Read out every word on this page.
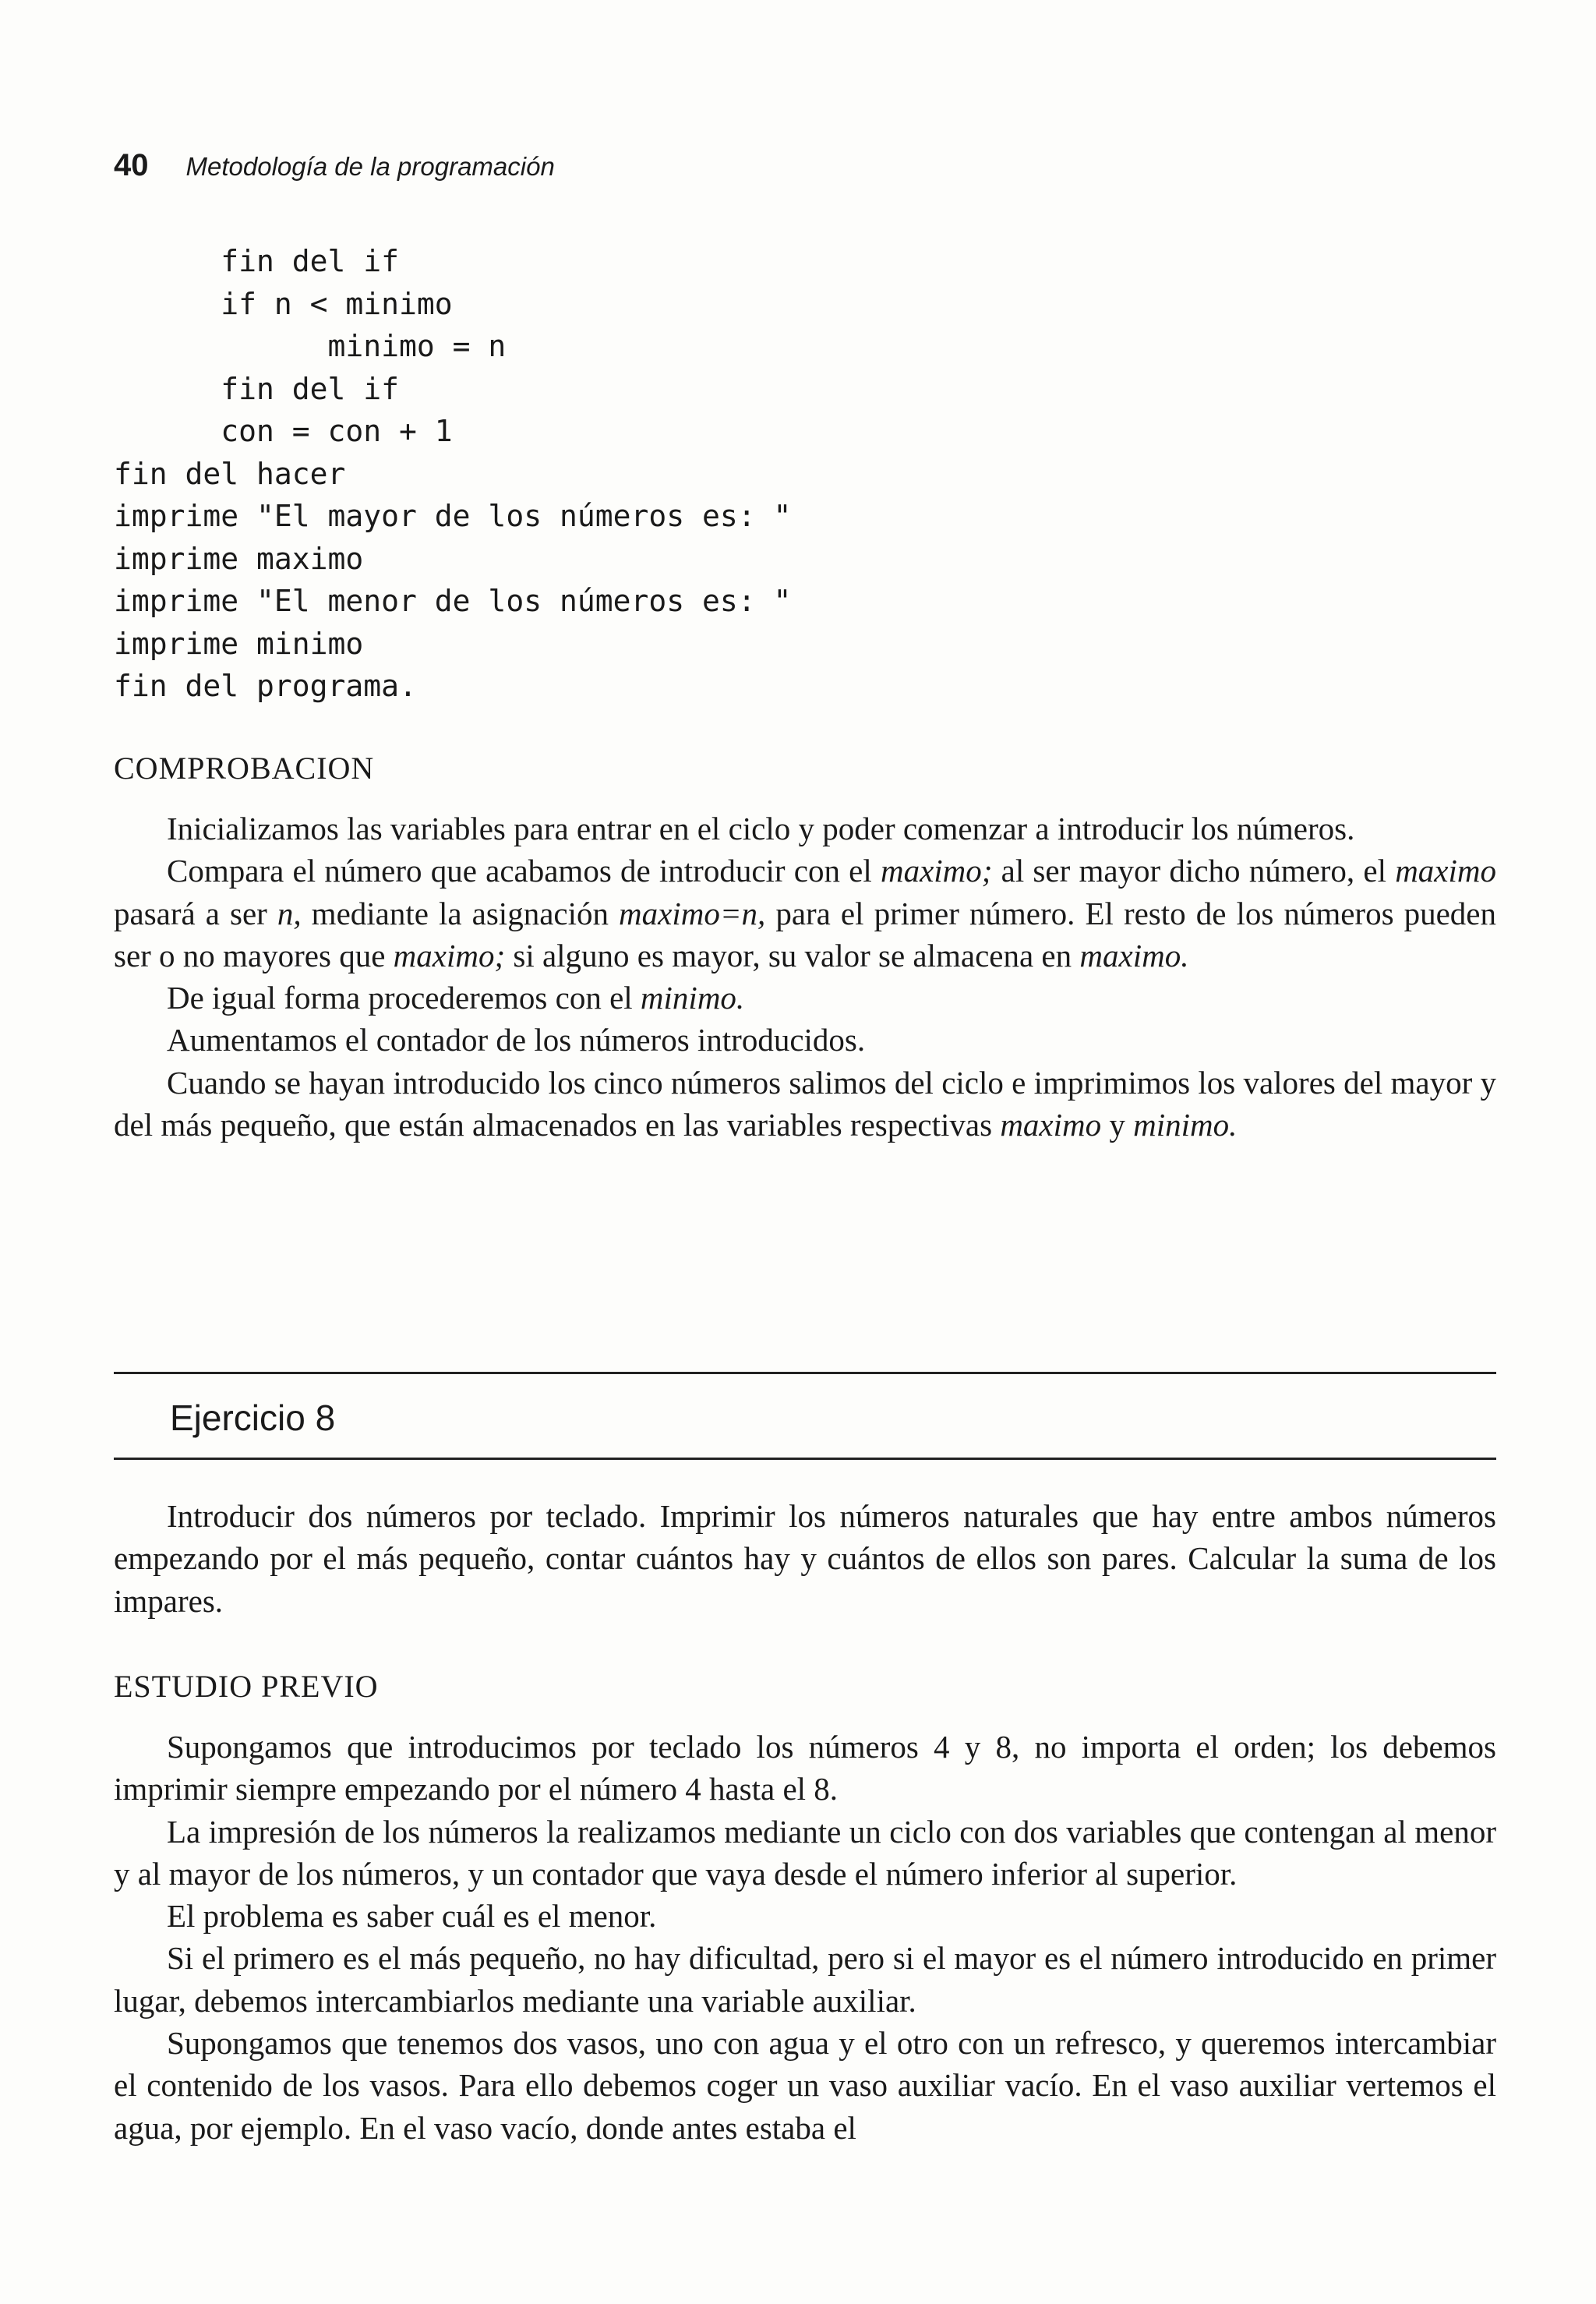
40 Metodología de la programación
fin del if
if n < minimo
minimo = n
fin del if
con = con + 1
fin del hacer
imprime "El mayor de los números es: "
imprime maximo
imprime "El menor de los números es: "
imprime minimo
fin del programa.
COMPROBACION

Inicializamos las variables para entrar en el ciclo y poder comenzar a introducir los números.

Compara el número que acabamos de introducir con el maximo; al ser mayor dicho número, el maximo pasará a ser n, mediante la asignación maximo=n, para el primer número. El resto de los números pueden ser o no mayores que maximo; si alguno es mayor, su valor se almacena en maximo.

De igual forma procederemos con el minimo.

Aumentamos el contador de los números introducidos.

Cuando se hayan introducido los cinco números salimos del ciclo e imprimimos los valores del mayor y del más pequeño, que están almacenados en las variables respectivas maximo y minimo.

Ejercicio 8

Introducir dos números por teclado. Imprimir los números naturales que hay entre ambos números empezando por el más pequeño, contar cuántos hay y cuántos de ellos son pares. Calcular la suma de los impares.

ESTUDIO PREVIO

Supongamos que introducimos por teclado los números 4 y 8, no importa el orden; los debemos imprimir siempre empezando por el número 4 hasta el 8.

La impresión de los números la realizamos mediante un ciclo con dos variables que contengan al menor y al mayor de los números, y un contador que vaya desde el número inferior al superior.

El problema es saber cuál es el menor.

Si el primero es el más pequeño, no hay dificultad, pero si el mayor es el número introducido en primer lugar, debemos intercambiarlos mediante una variable auxiliar.

Supongamos que tenemos dos vasos, uno con agua y el otro con un refresco, y queremos intercambiar el contenido de los vasos. Para ello debemos coger un vaso auxiliar vacío. En el vaso auxiliar vertemos el agua, por ejemplo. En el vaso vacío, donde antes estaba el
